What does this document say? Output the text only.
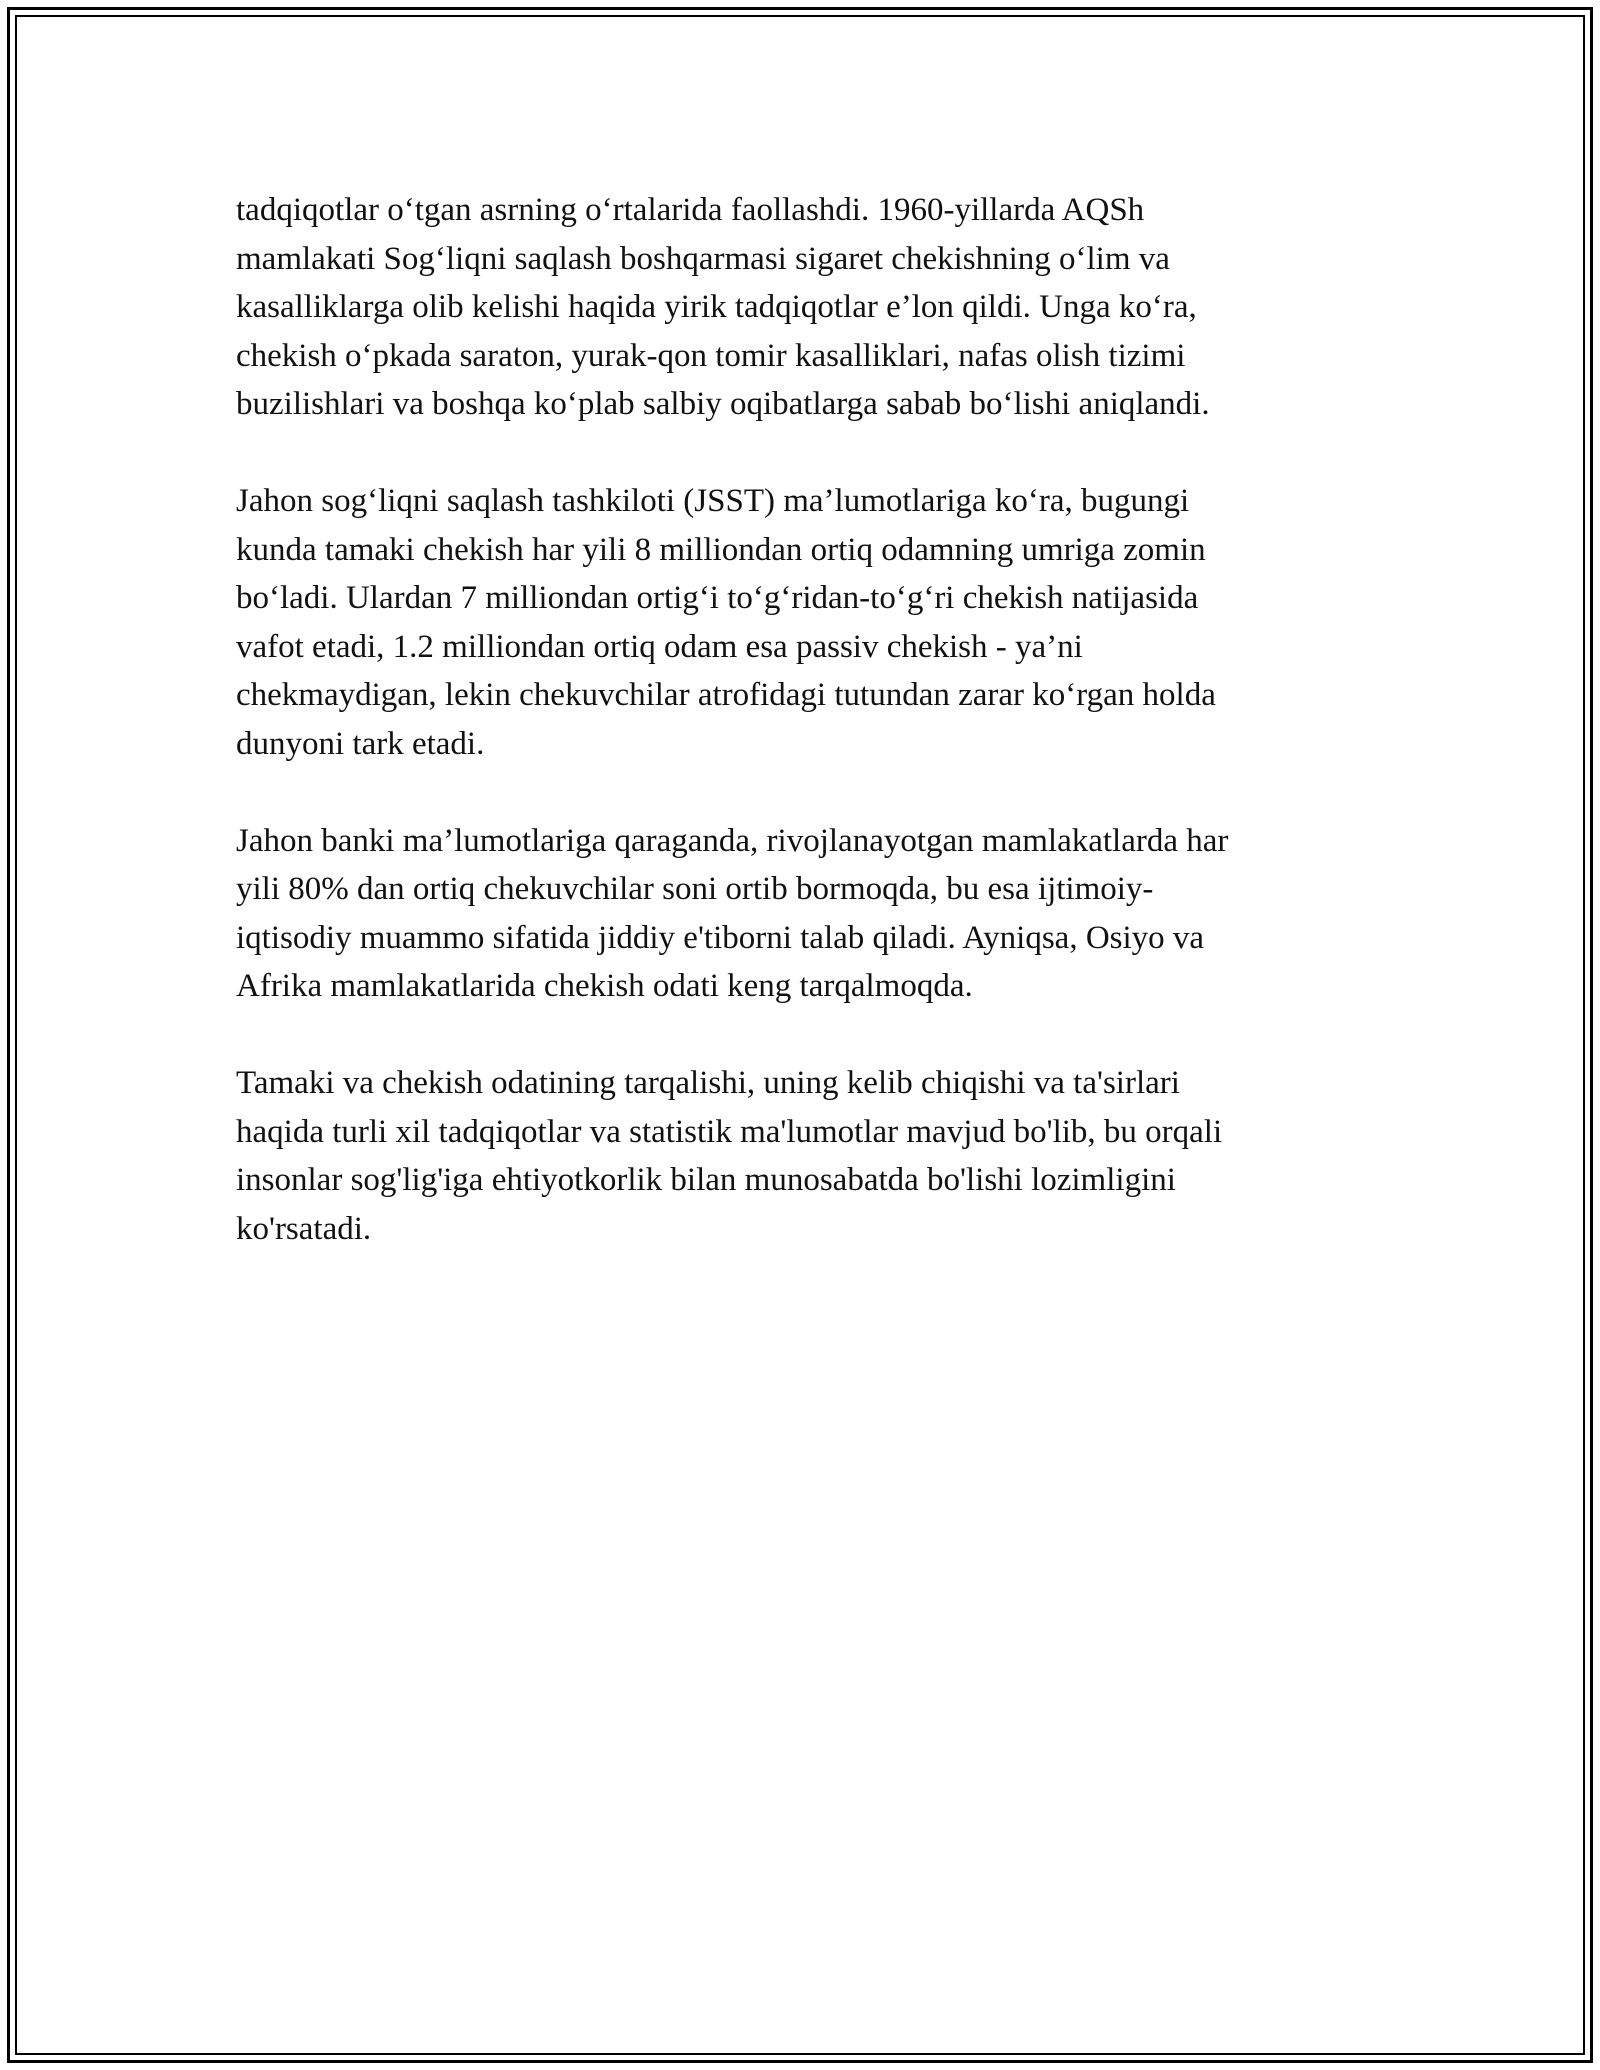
tadqiqotlar o‘tgan asrning o‘rtalarida faollashdi. 1960-yillarda AQSh
mamlakati Sog‘liqni saqlash boshqarmasi sigaret chekishning o‘lim va
kasalliklarga olib kelishi haqida yirik tadqiqotlar e’lon qildi. Unga ko‘ra,
chekish o‘pkada saraton, yurak-qon tomir kasalliklari, nafas olish tizimi
buzilishlari va boshqa ko‘plab salbiy oqibatlarga sabab bo‘lishi aniqlandi.

Jahon sog‘liqni saqlash tashkiloti (JSST) ma’lumotlariga ko‘ra, bugungi
kunda tamaki chekish har yili 8 milliondan ortiq odamning umriga zomin
bo‘ladi. Ulardan 7 milliondan ortig‘i to‘g‘ridan-to‘g‘ri chekish natijasida
vafot etadi, 1.2 milliondan ortiq odam esa passiv chekish - ya’ni
chekmaydigan, lekin chekuvchilar atrofidagi tutundan zarar ko‘rgan holda
dunyoni tark etadi.

Jahon banki ma’lumotlariga qaraganda, rivojlanayotgan mamlakatlarda har
yili 80% dan ortiq chekuvchilar soni ortib bormoqda, bu esa ijtimoiy-
iqtisodiy muammo sifatida jiddiy e'tiborni talab qiladi. Ayniqsa, Osiyo va
Afrika mamlakatlarida chekish odati keng tarqalmoqda.

Tamaki va chekish odatining tarqalishi, uning kelib chiqishi va ta'sirlari
haqida turli xil tadqiqotlar va statistik ma'lumotlar mavjud bo'lib, bu orqali
insonlar sog'lig'iga ehtiyotkorlik bilan munosabatda bo'lishi lozimligini
ko'rsatadi.
